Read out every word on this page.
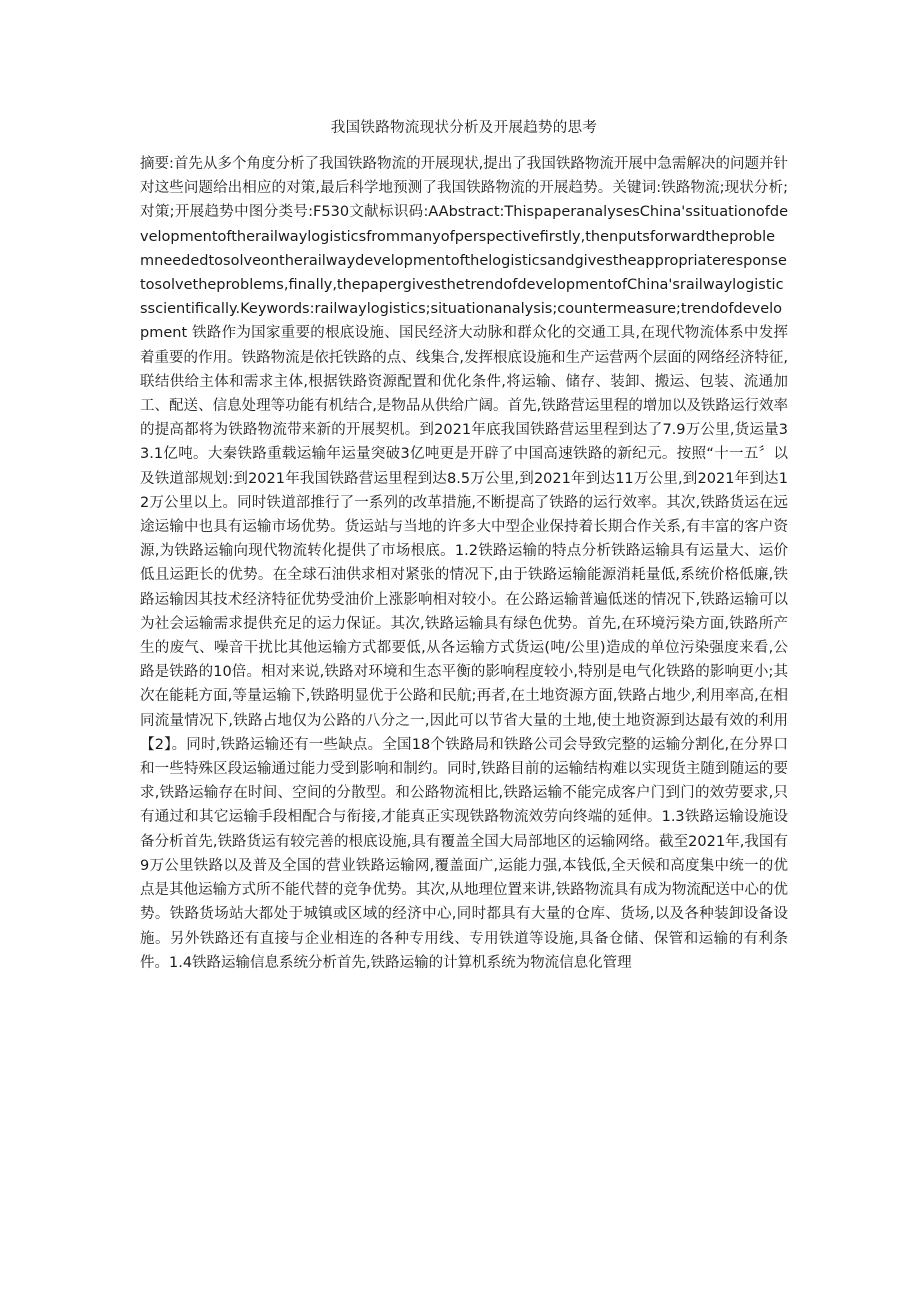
我国铁路物流现状分析及开展趋势的思考
摘要:首先从多个角度分析了我国铁路物流的开展现状,提出了我国铁路物流开展中急需解决的问题并针对这些问题给出相应的对策,最后科学地预测了我国铁路物流的开展趋势。关键词:铁路物流;现状分析;对策;开展趋势中图分类号:F530文献标识码:AAbstract:ThispaperanalysesChina'ssituationofdevelopmentoftherailwaylogisticsfrommanyofperspectivefirstly,thenputsforwardtheproblemneededtosolveontherailwaydevelopmentofthelogisticsandgivestheappropriateresponsetosolvetheproblems,finally,thepapergivesthetrendofdevelopmentofChina'srailwaylogisticsscientifically.Keywords:railwaylogistics;situationanalysis;countermeasure;trendofdevelopment 铁路作为国家重要的根底设施、国民经济大动脉和群众化的交通工具,在现代物流体系中发挥着重要的作用。铁路物流是依托铁路的点、线集合,发挥根底设施和生产运营两个层面的网络经济特征,联结供给主体和需求主体,根据铁路资源配置和优化条件,将运输、储存、装卸、搬运、包装、流通加工、配送、信息处理等功能有机结合,是物品从供给广阔。首先,铁路营运里程的增加以及铁路运行效率的提高都将为铁路物流带来新的开展契机。到2021年底我国铁路营运里程到达了7.9万公里,货运量33.1亿吨。大秦铁路重载运输年运量突破3亿吨更是开辟了中国高速铁路的新纪元。按照“十一五〞以及铁道部规划:到2021年我国铁路营运里程到达8.5万公里,到2021年到达11万公里,到2021年到达12万公里以上。同时铁道部推行了一系列的改革措施,不断提高了铁路的运行效率。其次,铁路货运在远途运输中也具有运输市场优势。货运站与当地的许多大中型企业保持着长期合作关系,有丰富的客户资源,为铁路运输向现代物流转化提供了市场根底。1.2铁路运输的特点分析铁路运输具有运量大、运价低且运距长的优势。在全球石油供求相对紧张的情况下,由于铁路运输能源消耗量低,系统价格低廉,铁路运输因其技术经济特征优势受油价上涨影响相对较小。在公路运输普遍低迷的情况下,铁路运输可以为社会运输需求提供充足的运力保证。其次,铁路运输具有绿色优势。首先,在环境污染方面,铁路所产生的废气、噪音干扰比其他运输方式都要低,从各运输方式货运(吨/公里)造成的单位污染强度来看,公路是铁路的10倍。相对来说,铁路对环境和生态平衡的影响程度较小,特别是电气化铁路的影响更小;其次在能耗方面,等量运输下,铁路明显优于公路和民航;再者,在土地资源方面,铁路占地少,利用率高,在相同流量情况下,铁路占地仅为公路的八分之一,因此可以节省大量的土地,使土地资源到达最有效的利用【2】。同时,铁路运输还有一些缺点。全国18个铁路局和铁路公司会导致完整的运输分割化,在分界口和一些特殊区段运输通过能力受到影响和制约。同时,铁路目前的运输结构难以实现货主随到随运的要求,铁路运输存在时间、空间的分散型。和公路物流相比,铁路运输不能完成客户门到门的效劳要求,只有通过和其它运输手段相配合与衔接,才能真正实现铁路物流效劳向终端的延伸。1.3铁路运输设施设备分析首先,铁路货运有较完善的根底设施,具有覆盖全国大局部地区的运输网络。截至2021年,我国有9万公里铁路以及普及全国的营业铁路运输网,覆盖面广,运能力强,本钱低,全天候和高度集中统一的优点是其他运输方式所不能代替的竞争优势。其次,从地理位置来讲,铁路物流具有成为物流配送中心的优势。铁路货场站大都处于城镇或区域的经济中心,同时都具有大量的仓库、货场,以及各种装卸设备设施。另外铁路还有直接与企业相连的各种专用线、专用铁道等设施,具备仓储、保管和运输的有利条件。1.4铁路运输信息系统分析首先,铁路运输的计算机系统为物流信息化管理
